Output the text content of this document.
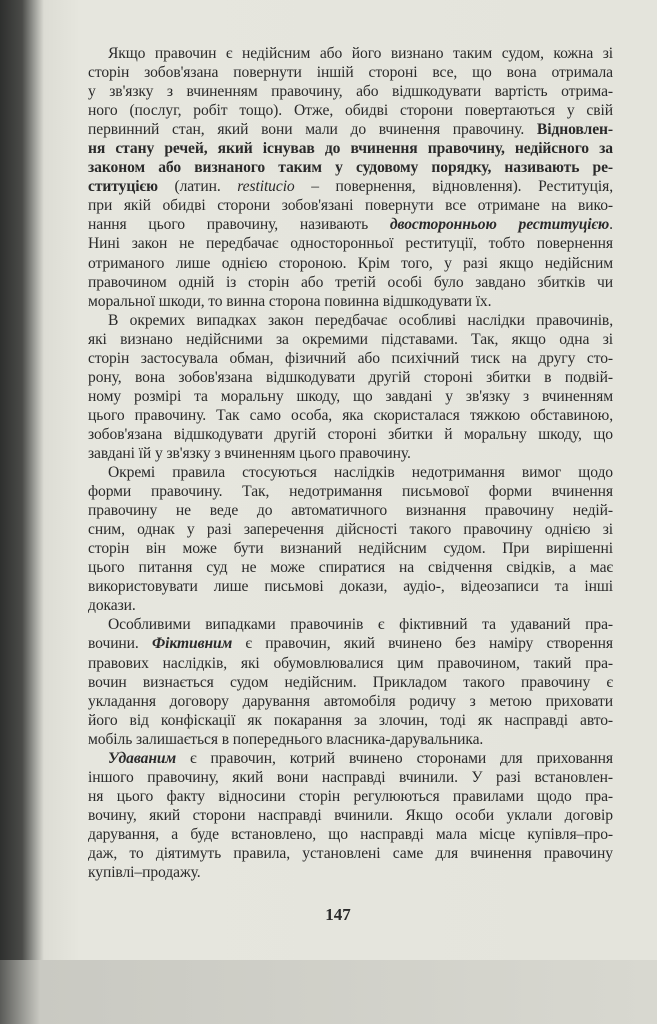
Якщо правочин є недійсним або його визнано таким судом, кожна зі
сторін зобов'язана повернути іншій стороні все, що вона отримала
у зв'язку з вчиненням правочину, або відшкодувати вартість отрима-
ного (послуг, робіт тощо). Отже, обидві сторони повертаються у свій
первинний стан, який вони мали до вчинення правочину. Відновлен-
ня стану речей, який існував до вчинення правочину, недійсного за
законом або визнаного таким у судовому порядку, називають ре-
ституцією (латин. restitucio – повернення, відновлення). Реституція,
при якій обидві сторони зобов'язані повернути все отримане на вико-
нання цього правочину, називають двосторонньою реституцією.
Нині закон не передбачає односторонньої реституції, тобто повернення
отриманого лише однією стороною. Крім того, у разі якщо недійсним
правочином одній із сторін або третій особі було завдано збитків чи
моральної шкоди, то винна сторона повинна відшкодувати їх.
В окремих випадках закон передбачає особливі наслідки правочинів,
які визнано недійсними за окремими підставами. Так, якщо одна зі
сторін застосувала обман, фізичний або психічний тиск на другу сто-
рону, вона зобов'язана відшкодувати другій стороні збитки в подвій-
ному розмірі та моральну шкоду, що завдані у зв'язку з вчиненням
цього правочину. Так само особа, яка скористалася тяжкою обставиною,
зобов'язана відшкодувати другій стороні збитки й моральну шкоду, що
завдані їй у зв'язку з вчиненням цього правочину.
Окремі правила стосуються наслідків недотримання вимог щодо
форми правочину. Так, недотримання письмової форми вчинення
правочину не веде до автоматичного визнання правочину недій-
сним, однак у разі заперечення дійсності такого правочину однією зі
сторін він може бути визнаний недійсним судом. При вирішенні
цього питання суд не може спиратися на свідчення свідків, а має
використовувати лише письмові докази, аудіо-, відеозаписи та інші
докази.
Особливими випадками правочинів є фіктивний та удаваний пра-
вочини. Фіктивним є правочин, який вчинено без наміру створення
правових наслідків, які обумовлювалися цим правочином, такий пра-
вочин визнається судом недійсним. Прикладом такого правочину є
укладання договору дарування автомобіля родичу з метою приховати
його від конфіскації як покарання за злочин, тоді як насправді авто-
мобіль залишається в попереднього власника-дарувальника.
Удаваним є правочин, котрий вчинено сторонами для приховання
іншого правочину, який вони насправді вчинили. У разі встановлен-
ня цього факту відносини сторін регулюються правилами щодо пра-
вочину, який сторони насправді вчинили. Якщо особи уклали договір
дарування, а буде встановлено, що насправді мала місце купівля–про-
даж, то діятимуть правила, установлені саме для вчинення правочину
купівлі–продажу.
147
